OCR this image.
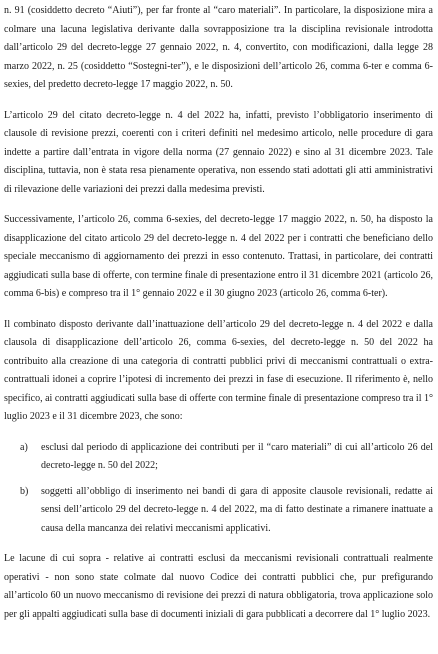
n. 91 (cosiddetto decreto “Aiuti”), per far fronte al “caro materiali”. In particolare, la disposizione mira a colmare una lacuna legislativa derivante dalla sovrapposizione tra la disciplina revisionale introdotta dall’articolo 29 del decreto-legge 27 gennaio 2022, n. 4, convertito, con modificazioni, dalla legge 28 marzo 2022, n. 25 (cosiddetto “Sostegni-ter”), e le disposizioni dell’articolo 26, comma 6-ter e comma 6-sexies, del predetto decreto-legge 17 maggio 2022, n. 50.

L’articolo 29 del citato decreto-legge n. 4 del 2022 ha, infatti, previsto l’obbligatorio inserimento di clausole di revisione prezzi, coerenti con i criteri definiti nel medesimo articolo, nelle procedure di gara indette a partire dall’entrata in vigore della norma (27 gennaio 2022) e sino al 31 dicembre 2023. Tale disciplina, tuttavia, non è stata resa pienamente operativa, non essendo stati adottati gli atti amministrativi di rilevazione delle variazioni dei prezzi dalla medesima previsti.

Successivamente, l’articolo 26, comma 6-sexies, del decreto-legge 17 maggio 2022, n. 50, ha disposto la disapplicazione del citato articolo 29 del decreto-legge n. 4 del 2022 per i contratti che beneficiano dello speciale meccanismo di aggiornamento dei prezzi in esso contenuto. Trattasi, in particolare, dei contratti aggiudicati sulla base di offerte, con termine finale di presentazione entro il 31 dicembre 2021 (articolo 26, comma 6-bis) e compreso tra il 1° gennaio 2022 e il 30 giugno 2023 (articolo 26, comma 6-ter).

Il combinato disposto derivante dall’inattuazione dell’articolo 29 del decreto-legge n. 4 del 2022 e dalla clausola di disapplicazione dell’articolo 26, comma 6-sexies, del decreto-legge n. 50 del 2022 ha contribuito alla creazione di una categoria di contratti pubblici privi di meccanismi contrattuali o extra-contrattuali idonei a coprire l’ipotesi di incremento dei prezzi in fase di esecuzione. Il riferimento è, nello specifico, ai contratti aggiudicati sulla base di offerte con termine finale di presentazione compreso tra il 1° luglio 2023 e il 31 dicembre 2023, che sono:

a) esclusi dal periodo di applicazione dei contributi per il “caro materiali” di cui all’articolo 26 del decreto-legge n. 50 del 2022;
b) soggetti all’obbligo di inserimento nei bandi di gara di apposite clausole revisionali, redatte ai sensi dell’articolo 29 del decreto-legge n. 4 del 2022, ma di fatto destinate a rimanere inattuate a causa della mancanza dei relativi meccanismi applicativi.

Le lacune di cui sopra - relative ai contratti esclusi da meccanismi revisionali contrattuali realmente operativi - non sono state colmate dal nuovo Codice dei contratti pubblici che, pur prefigurando all’articolo 60 un nuovo meccanismo di revisione dei prezzi di natura obbligatoria, trova applicazione solo per gli appalti aggiudicati sulla base di documenti iniziali di gara pubblicati a decorrere dal 1° luglio 2023.
